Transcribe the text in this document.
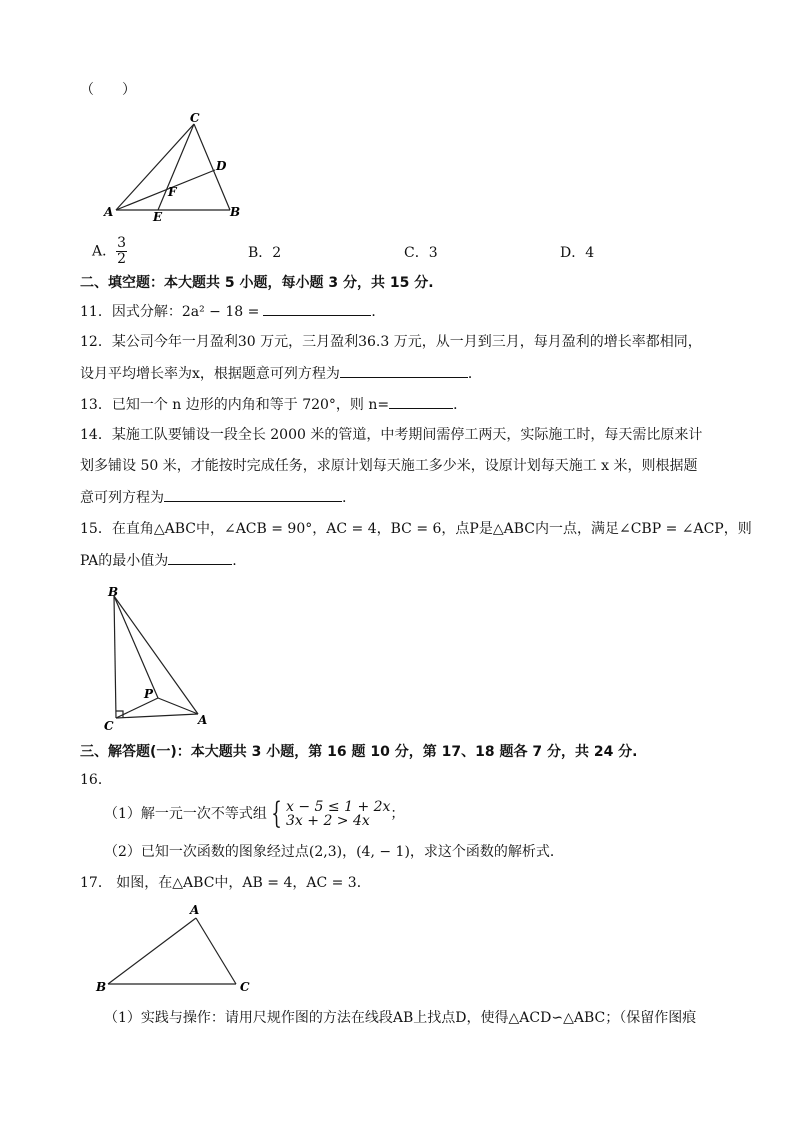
（　　）
C
D
F
A	E	B
A． $\frac{3}{2}$	B．2	C．3	D．4
二、填空题：本大题共 5 小题，每小题 3 分，共 15 分.
11．因式分解：2a² − 18 =	．
12．某公司今年一月盈利30 万元，三月盈利36.3 万元，从一月到三月，每月盈利的增长率都相同，
设月平均增长率为x，根据题意可列方程为	．
13．已知一个 n 边形的内角和等于 720°，则 n=	．
14．某施工队要铺设一段全长 2000 米的管道，中考期间需停工两天，实际施工时，每天需比原来计
划多铺设 50 米，才能按时完成任务，求原计划每天施工多少米，设原计划每天施工 x 米，则根据题
意可列方程为	.
15．在直角△ABC中，∠ACB = 90°，AC = 4，BC = 6，点P是△ABC内一点，满足∠CBP = ∠ACP，则
PA的最小值为	.
B
P
C	A
三、解答题(一)：本大题共 3 小题，第 16 题 10 分，第 17、18 题各 7 分，共 24 分.
16．
（1）解一元一次不等式组 { x − 5 ≤ 1 + 2x
3x + 2 > 4x	；
（2）已知一次函数的图象经过点(2,3)，(4, − 1)，求这个函数的解析式．
17． 如图，在△ABC中，AB = 4，AC = 3．
A
B	C
（1）实践与操作：请用尺规作图的方法在线段AB上找点D，使得△ACD∽△ABC；（保留作图痕
